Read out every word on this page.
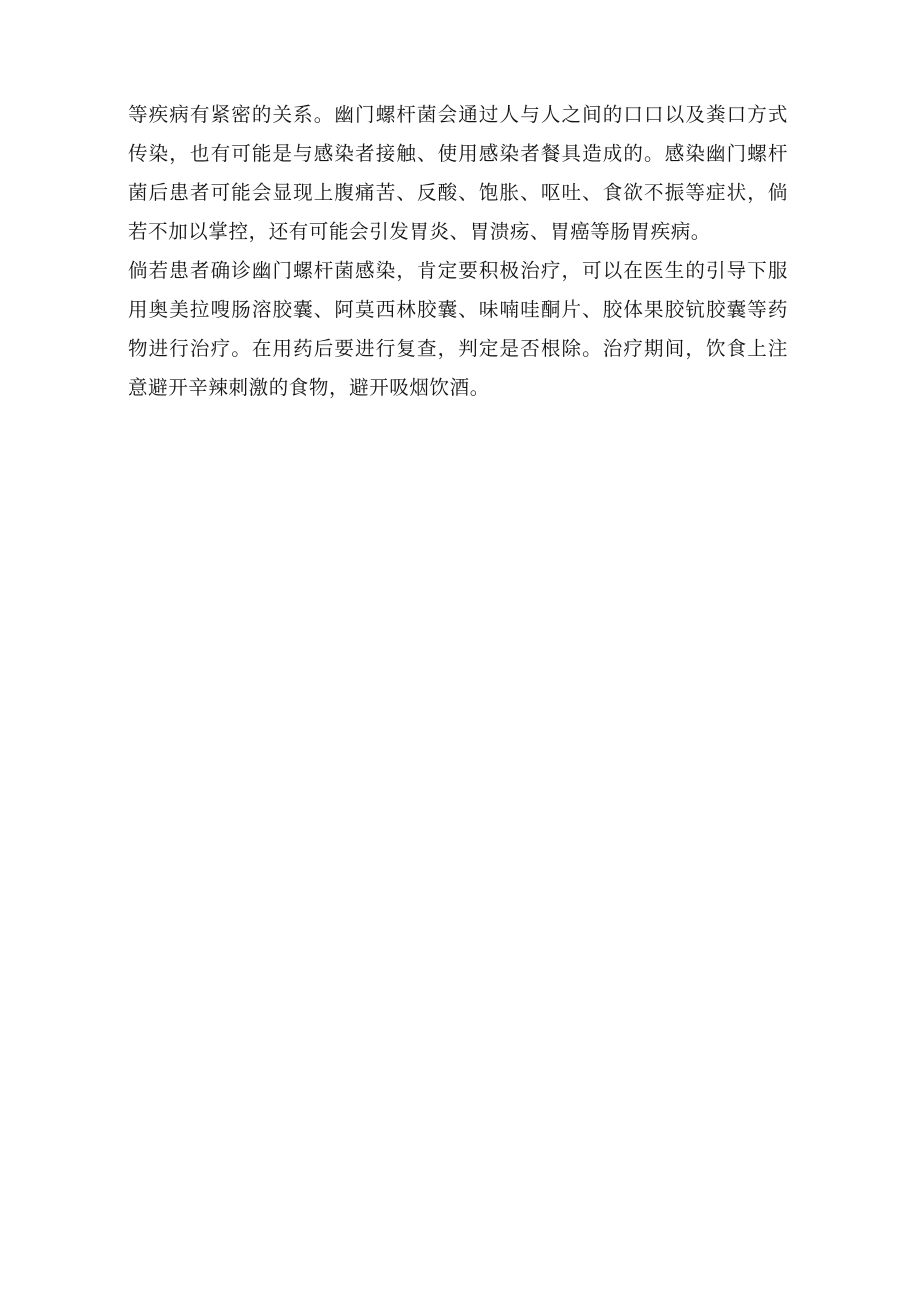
等疾病有紧密的关系。幽门螺杆菌会通过人与人之间的口口以及粪口方式传染，也有可能是与感染者接触、使用感染者餐具造成的。感染幽门螺杆菌后患者可能会显现上腹痛苦、反酸、饱胀、呕吐、食欲不振等症状，倘若不加以掌控，还有可能会引发胃炎、胃溃疡、胃癌等肠胃疾病。

倘若患者确诊幽门螺杆菌感染，肯定要积极治疗，可以在医生的引导下服用奥美拉嗖肠溶胶囊、阿莫西林胶囊、味喃哇酮片、胶体果胶钪胶囊等药物进行治疗。在用药后要进行复查，判定是否根除。治疗期间，饮食上注意避开辛辣刺激的食物，避开吸烟饮酒。
